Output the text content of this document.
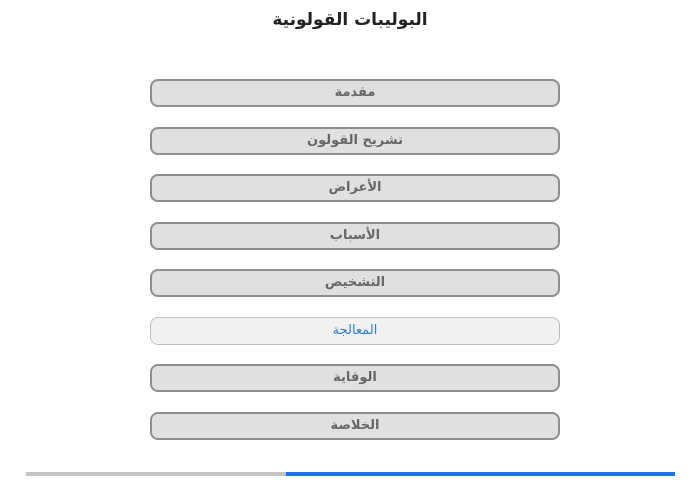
البوليبات القولونية
مقدمة
تشريح القولون
الأعراض
الأسباب
التشخيص
المعالجة
الوقاية
الخلاصة
